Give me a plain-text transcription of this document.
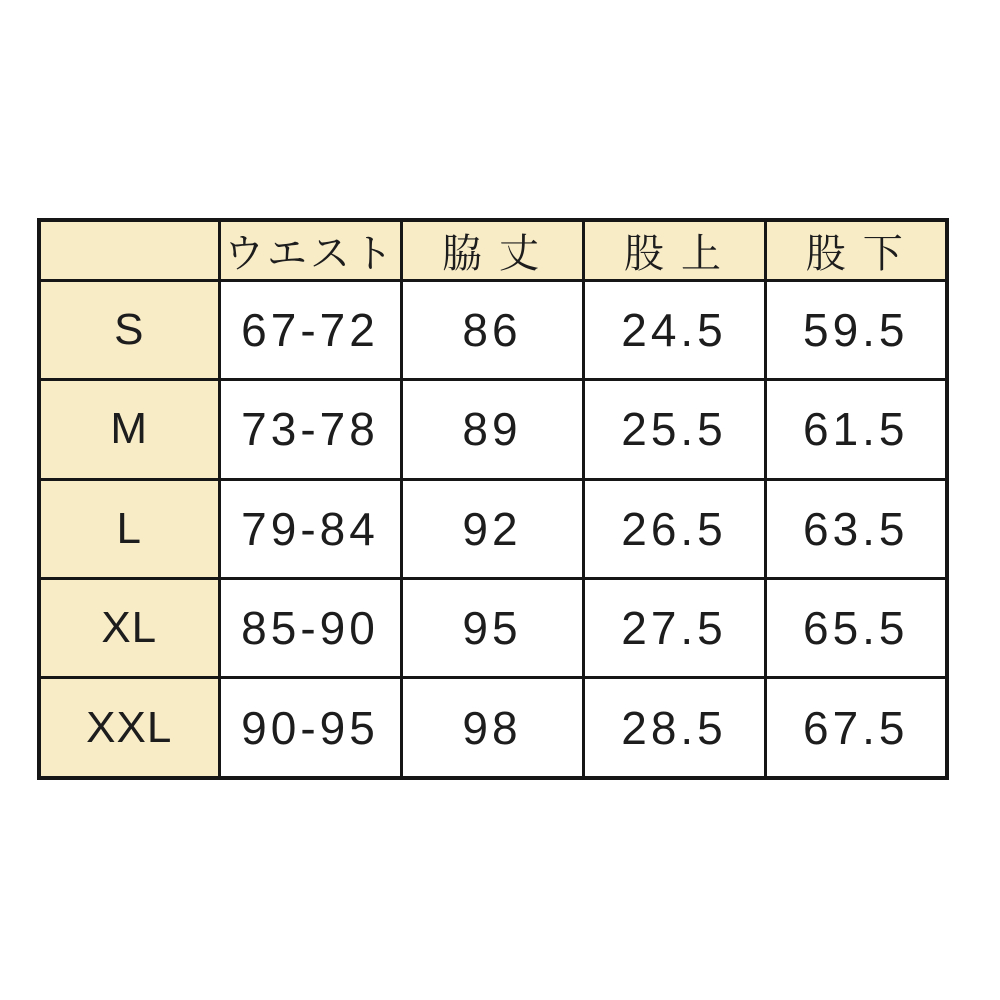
	ウエスト	脇 丈	股 上	股 下
S	67-72	86	24.5	59.5
M	73-78	89	25.5	61.5
L	79-84	92	26.5	63.5
XL	85-90	95	27.5	65.5
XXL	90-95	98	28.5	67.5
